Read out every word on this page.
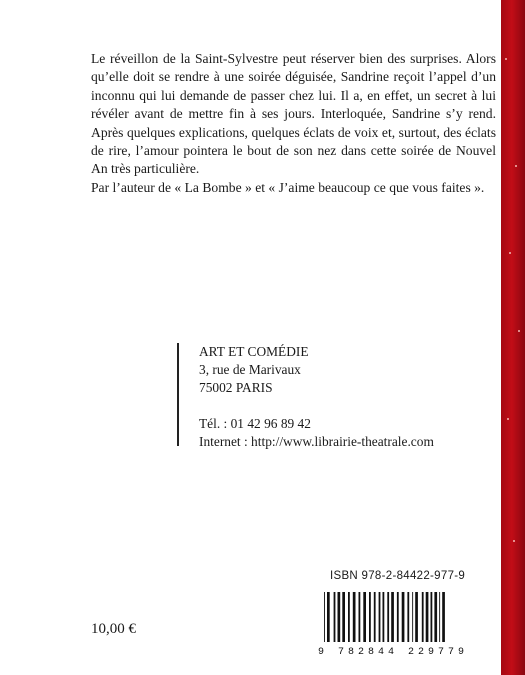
Le réveillon de la Saint-Sylvestre peut réserver bien des surprises. Alors qu’elle doit se rendre à une soirée déguisée, Sandrine reçoit l’appel d’un inconnu qui lui demande de passer chez lui. Il a, en effet, un secret à lui révéler avant de mettre fin à ses jours. Interloquée, Sandrine s’y rend. Après quelques explications, quelques éclats de voix et, surtout, des éclats de rire, l’amour pointera le bout de son nez dans cette soirée de Nouvel An très particulière.

Par l’auteur de « La Bombe » et « J’aime beaucoup ce que vous faites ».

ART ET COMÉDIE
3, rue de Marivaux
75002 PARIS
Tél. : 01 42 96 89 42
Internet : http://www.librairie-theatrale.com
ISBN 978-2-84422-977-9
9 782844 229779
10,00 €
